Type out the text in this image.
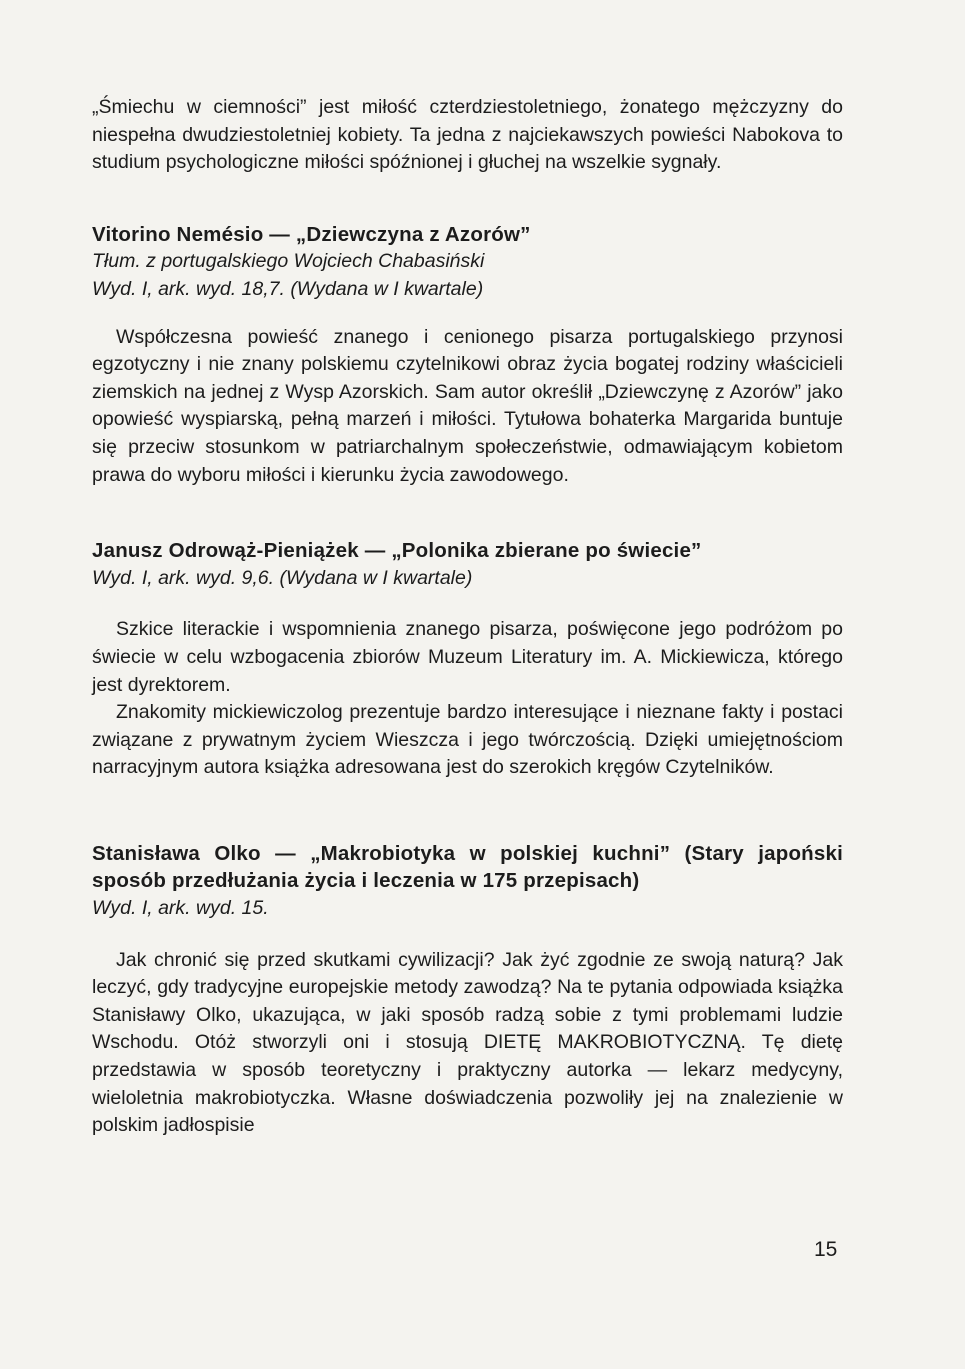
„Śmiechu w ciemności” jest miłość czterdziestoletniego, żonatego mężczyzny do niespełna dwudziestoletniej kobiety. Ta jedna z najciekawszych powieści Nabokova to studium psychologiczne miłości spóźnionej i głuchej na wszelkie sygnały.

Vitorino Nemésio — „Dziewczyna z Azorów”

Tłum. z portugalskiego Wojciech Chabasiński

Wyd. I, ark. wyd. 18,7. (Wydana w I kwartale)

Współczesna powieść znanego i cenionego pisarza portugalskiego przynosi egzotyczny i nie znany polskiemu czytelnikowi obraz życia bogatej rodziny właścicieli ziemskich na jednej z Wysp Azorskich. Sam autor określił „Dziewczynę z Azorów” jako opowieść wyspiarską, pełną marzeń i miłości. Tytułowa bohaterka Margarida buntuje się przeciw stosunkom w patriarchalnym społeczeństwie, odmawiającym kobietom prawa do wyboru miłości i kierunku życia zawodowego.

Janusz Odrowąż-Pieniążek — „Polonika zbierane po świecie”

Wyd. I, ark. wyd. 9,6. (Wydana w I kwartale)

Szkice literackie i wspomnienia znanego pisarza, poświęcone jego podróżom po świecie w celu wzbogacenia zbiorów Muzeum Literatury im. A. Mickiewicza, którego jest dyrektorem.

Znakomity mickiewiczolog prezentuje bardzo interesujące i nieznane fakty i postaci związane z prywatnym życiem Wieszcza i jego twórczością. Dzięki umiejętnościom narracyjnym autora książka adresowana jest do szerokich kręgów Czytelników.

Stanisława Olko — „Makrobiotyka w polskiej kuchni” (Stary japoński sposób przedłużania życia i leczenia w 175 przepisach)

Wyd. I, ark. wyd. 15.

Jak chronić się przed skutkami cywilizacji? Jak żyć zgodnie ze swoją naturą? Jak leczyć, gdy tradycyjne europejskie metody zawodzą? Na te pytania odpowiada książka Stanisławy Olko, ukazująca, w jaki sposób radzą sobie z tymi problemami ludzie Wschodu. Otóż stworzyli oni i stosują DIETĘ MAKROBIOTYCZNĄ. Tę dietę przedstawia w sposób teoretyczny i praktyczny autorka — lekarz medycyny, wieloletnia makrobiotyczka. Własne doświadczenia pozwoliły jej na znalezienie w polskim jadłospisie

15
